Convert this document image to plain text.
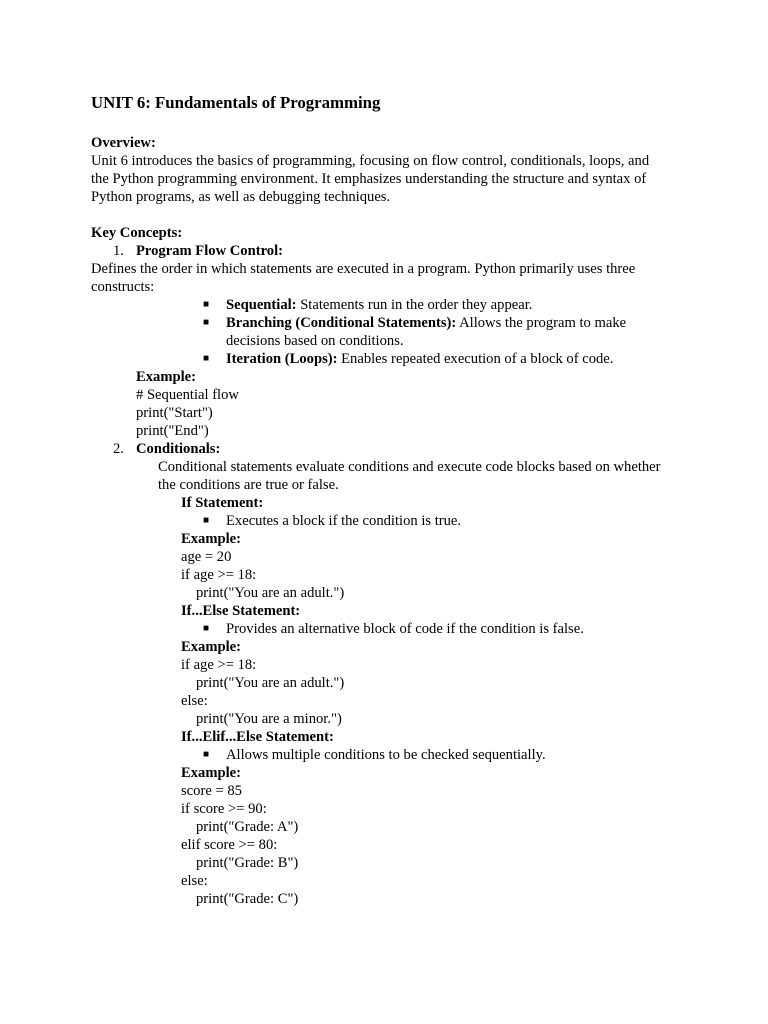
UNIT 6: Fundamentals of Programming
Overview:
Unit 6 introduces the basics of programming, focusing on flow control, conditionals, loops, and
the Python programming environment. It emphasizes understanding the structure and syntax of
Python programs, as well as debugging techniques.
Key Concepts:
1. Program Flow Control:
Defines the order in which statements are executed in a program. Python primarily uses three
constructs:
■ Sequential: Statements run in the order they appear.
■ Branching (Conditional Statements): Allows the program to make
decisions based on conditions.
■ Iteration (Loops): Enables repeated execution of a block of code.
Example:
# Sequential flow
print("Start")
print("End")
2. Conditionals:
Conditional statements evaluate conditions and execute code blocks based on whether
the conditions are true or false.
If Statement:
■ Executes a block if the condition is true.
Example:
age = 20
if age >= 18:
print("You are an adult.")
If...Else Statement:
■ Provides an alternative block of code if the condition is false.
Example:
if age >= 18:
print("You are an adult.")
else:
print("You are a minor.")
If...Elif...Else Statement:
■ Allows multiple conditions to be checked sequentially.
Example:
score = 85
if score >= 90:
print("Grade: A")
elif score >= 80:
print("Grade: B")
else:
print("Grade: C")
